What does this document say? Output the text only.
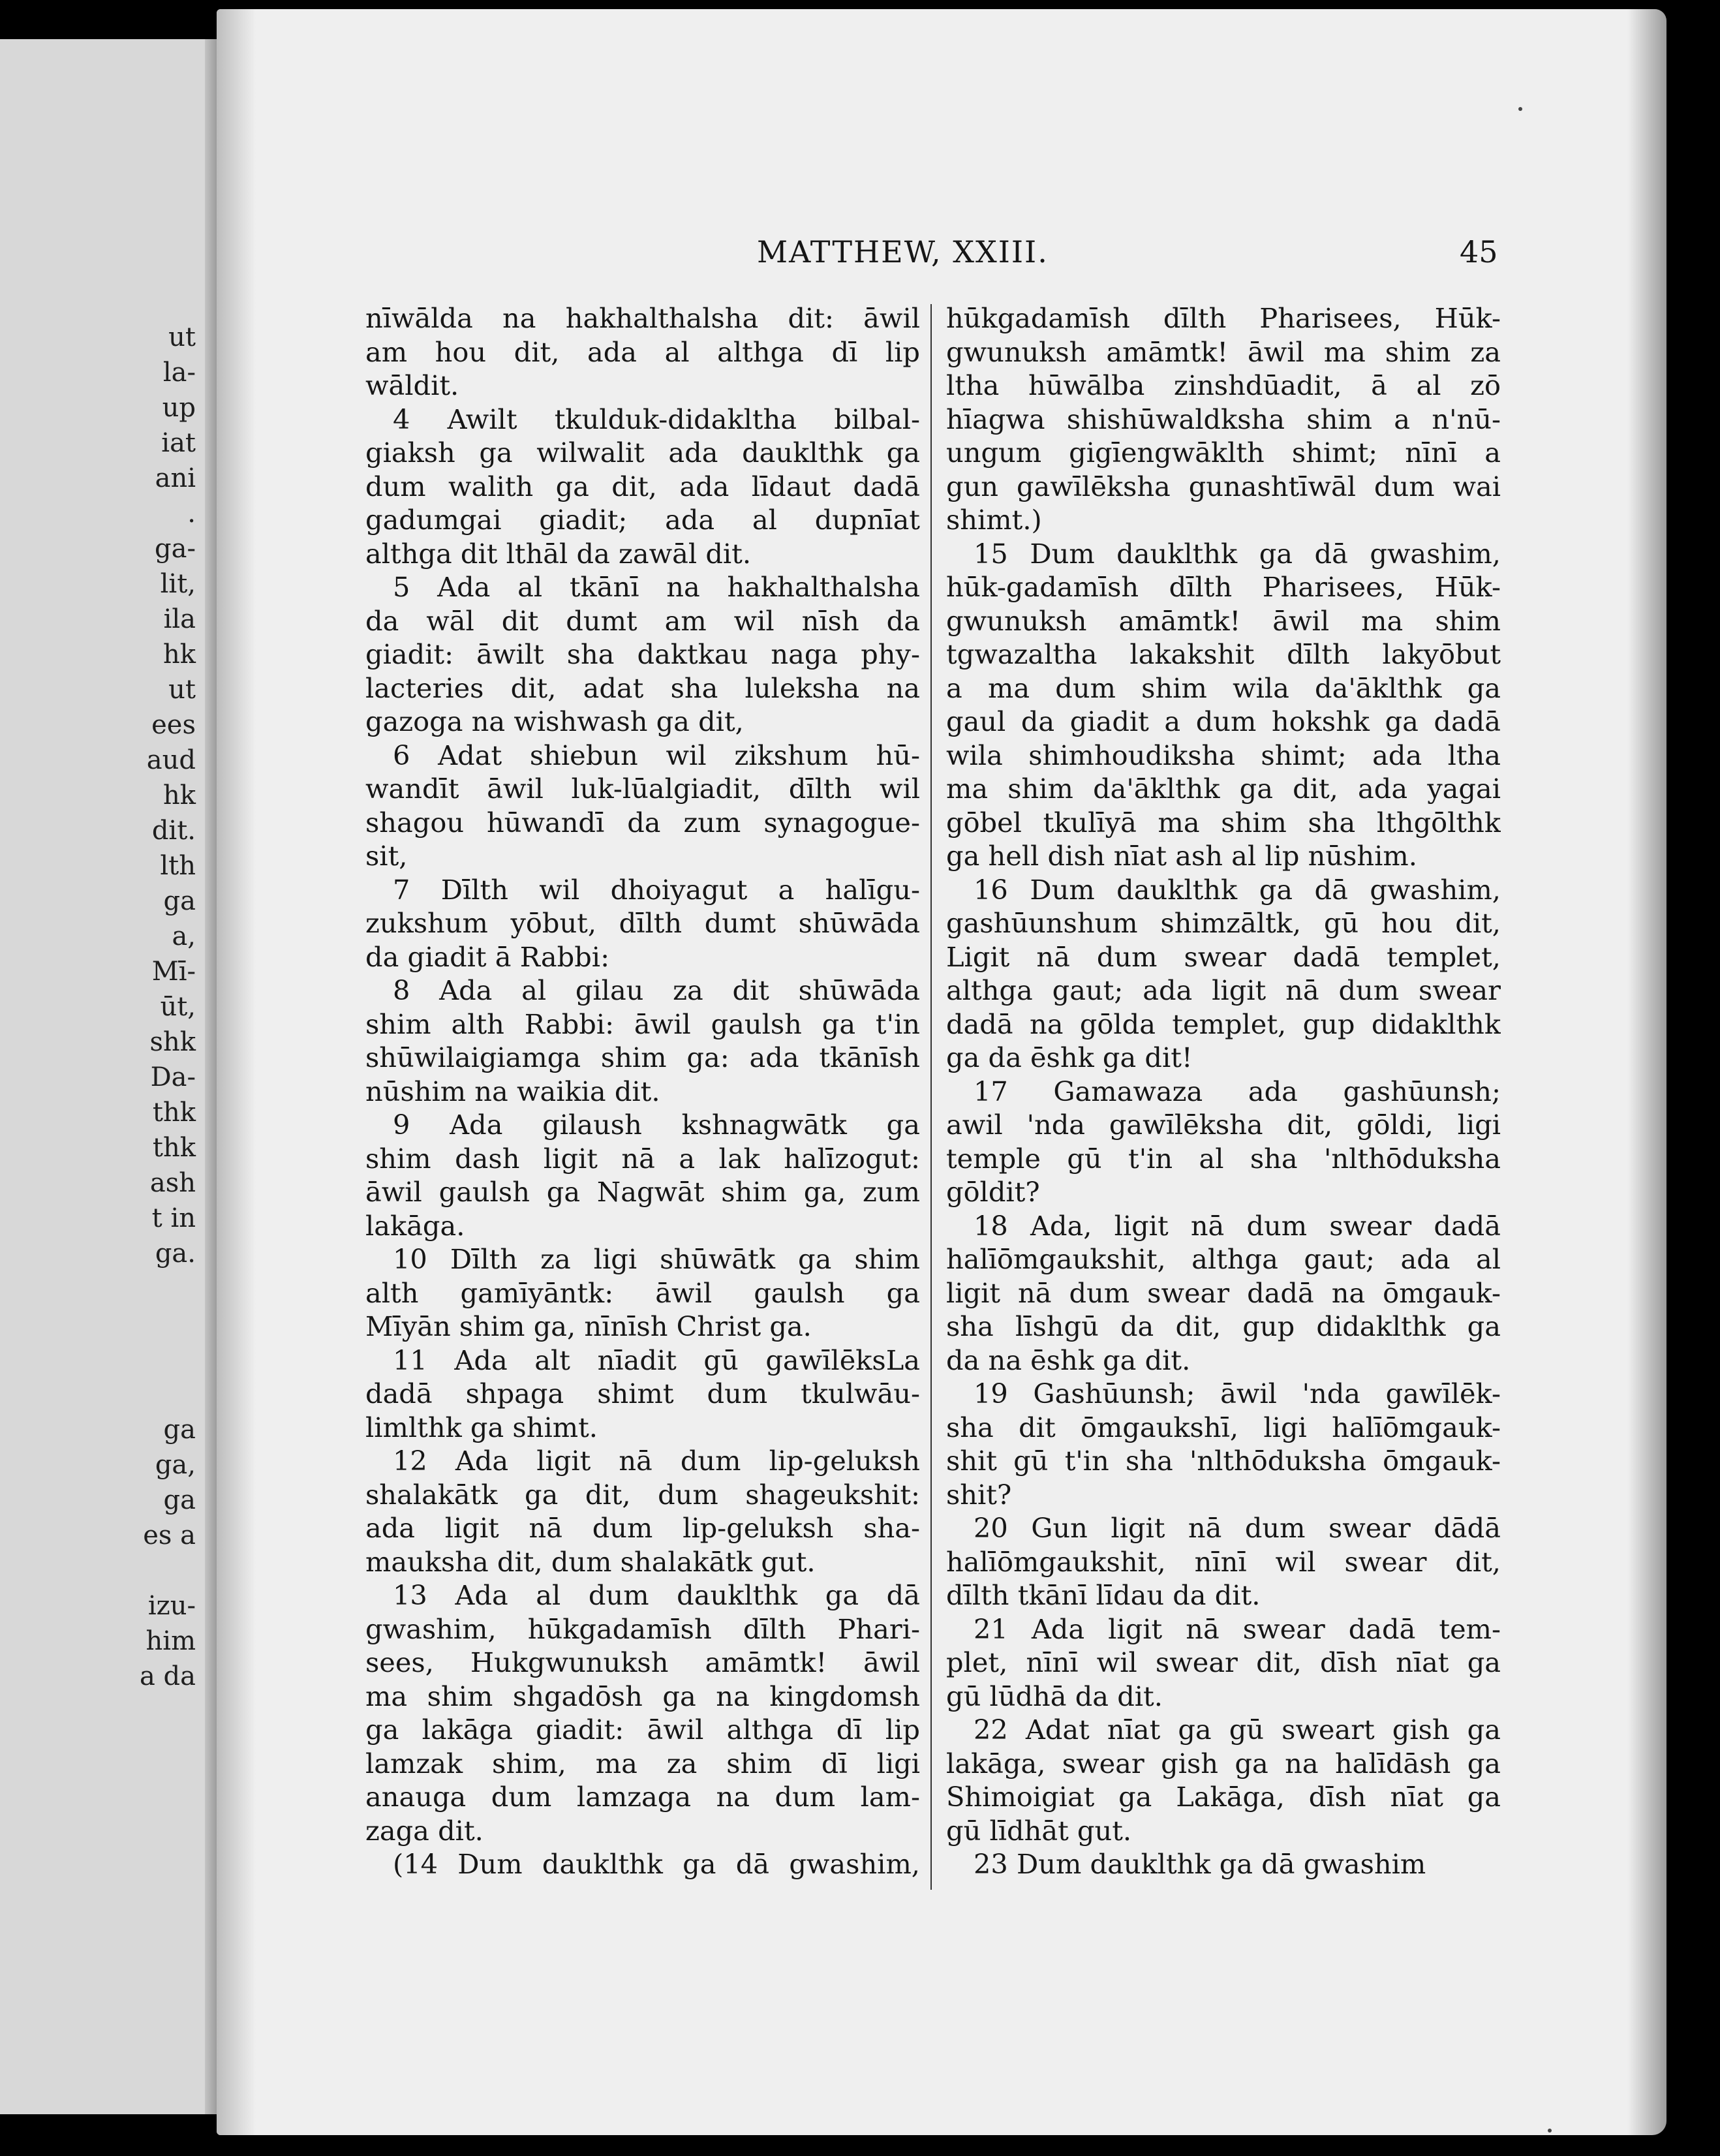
ut
la-
up
iat
ani
.
ga-
lit,
ila
hk
ut
ees
aud
hk
dit.
lth
ga
a,
Mī-
ūt,
shk
Da-
thk
thk
ash
t in
ga.
ga
ga,
ga
es a
izu-
him
a da
MATTHEW, XXIII.	45
nīwālda na hakhalthalsha dit: āwil
am hou dit, ada al althga dī lip
wāldit.
4 Awilt tkulduk-didakltha bilbal-
giaksh ga wilwalit ada dauklthk ga
dum walith ga dit, ada līdaut dadā
gadumgai giadit; ada al dupnīat
althga dit lthāl da zawāl dit.
5 Ada al tkānī na hakhalthalsha
da wāl dit dumt am wil nīsh da
giadit: āwilt sha daktkau naga phy-
lacteries dit, adat sha luleksha na
gazoga na wishwash ga dit,
6 Adat shiebun wil zikshum hū-
wandīt āwil luk-lūalgiadit, dīlth wil
shagou hūwandī da zum synagogue-
sit,
7 Dīlth wil dhoiyagut a halīgu-
zukshum yōbut, dīlth dumt shūwāda
da giadit ā Rabbi:
8 Ada al gilau za dit shūwāda
shim alth Rabbi: āwil gaulsh ga t'in
shūwilaigiamga shim ga: ada tkānīsh
nūshim na waikia dit.
9 Ada gilaush kshnagwātk ga
shim dash ligit nā a lak halīzogut:
āwil gaulsh ga Nagwāt shim ga, zum
lakāga.
10 Dīlth za ligi shūwātk ga shim
alth gamīyāntk: āwil gaulsh ga
Mīyān shim ga, nīnīsh Christ ga.
11 Ada alt nīadit gū gawīlēksLa
dadā shpaga shimt dum tkulwāu-
limlthk ga shimt.
12 Ada ligit nā dum lip-geluksh
shalakātk ga dit, dum shageukshit:
ada ligit nā dum lip-geluksh sha-
mauksha dit, dum shalakātk gut.
13 Ada al dum dauklthk ga dā
gwashim, hūkgadamīsh dīlth Phari-
sees, Hukgwunuksh amāmtk! āwil
ma shim shgadōsh ga na kingdomsh
ga lakāga giadit: āwil althga dī lip
lamzak shim, ma za shim dī ligi
anauga dum lamzaga na dum lam-
zaga dit.
(14 Dum dauklthk ga dā gwashim,
hūkgadamīsh dīlth Pharisees, Hūk-
gwunuksh amāmtk! āwil ma shim za
ltha hūwālba zinshdūadit, ā al zō
hīagwa shishūwaldksha shim a n'nū-
ungum gigīengwāklth shimt; nīnī a
gun gawīlēksha gunashtīwāl dum wai
shimt.)
15 Dum dauklthk ga dā gwashim,
hūk-gadamīsh dīlth Pharisees, Hūk-
gwunuksh amāmtk! āwil ma shim
tgwazaltha lakakshit dīlth lakyōbut
a ma dum shim wila da'āklthk ga
gaul da giadit a dum hokshk ga dadā
wila shimhoudiksha shimt; ada ltha
ma shim da'āklthk ga dit, ada yagai
gōbel tkulīyā ma shim sha lthgōlthk
ga hell dish nīat ash al lip nūshim.
16 Dum dauklthk ga dā gwashim,
gashūunshum shimzāltk, gū hou dit,
Ligit nā dum swear dadā templet,
althga gaut; ada ligit nā dum swear
dadā na gōlda templet, gup didaklthk
ga da ēshk ga dit!
17 Gamawaza ada gashūunsh;
awil 'nda gawīlēksha dit, gōldi, ligi
temple gū t'in al sha 'nlthōduksha
gōldit?
18 Ada, ligit nā dum swear dadā
halīōmgaukshit, althga gaut; ada al
ligit nā dum swear dadā na ōmgauk-
sha līshgū da dit, gup didaklthk ga
da na ēshk ga dit.
19 Gashūunsh; āwil 'nda gawīlēk-
sha dit ōmgaukshī, ligi halīōmgauk-
shit gū t'in sha 'nlthōduksha ōmgauk-
shit?
20 Gun ligit nā dum swear dādā
halīōmgaukshit, nīnī wil swear dit,
dīlth tkānī līdau da dit.
21 Ada ligit nā swear dadā tem-
plet, nīnī wil swear dit, dīsh nīat ga
gū lūdhā da dit.
22 Adat nīat ga gū sweart gish ga
lakāga, swear gish ga na halīdāsh ga
Shimoigiat ga Lakāga, dīsh nīat ga
gū līdhāt gut.
23 Dum dauklthk ga dā gwashim
